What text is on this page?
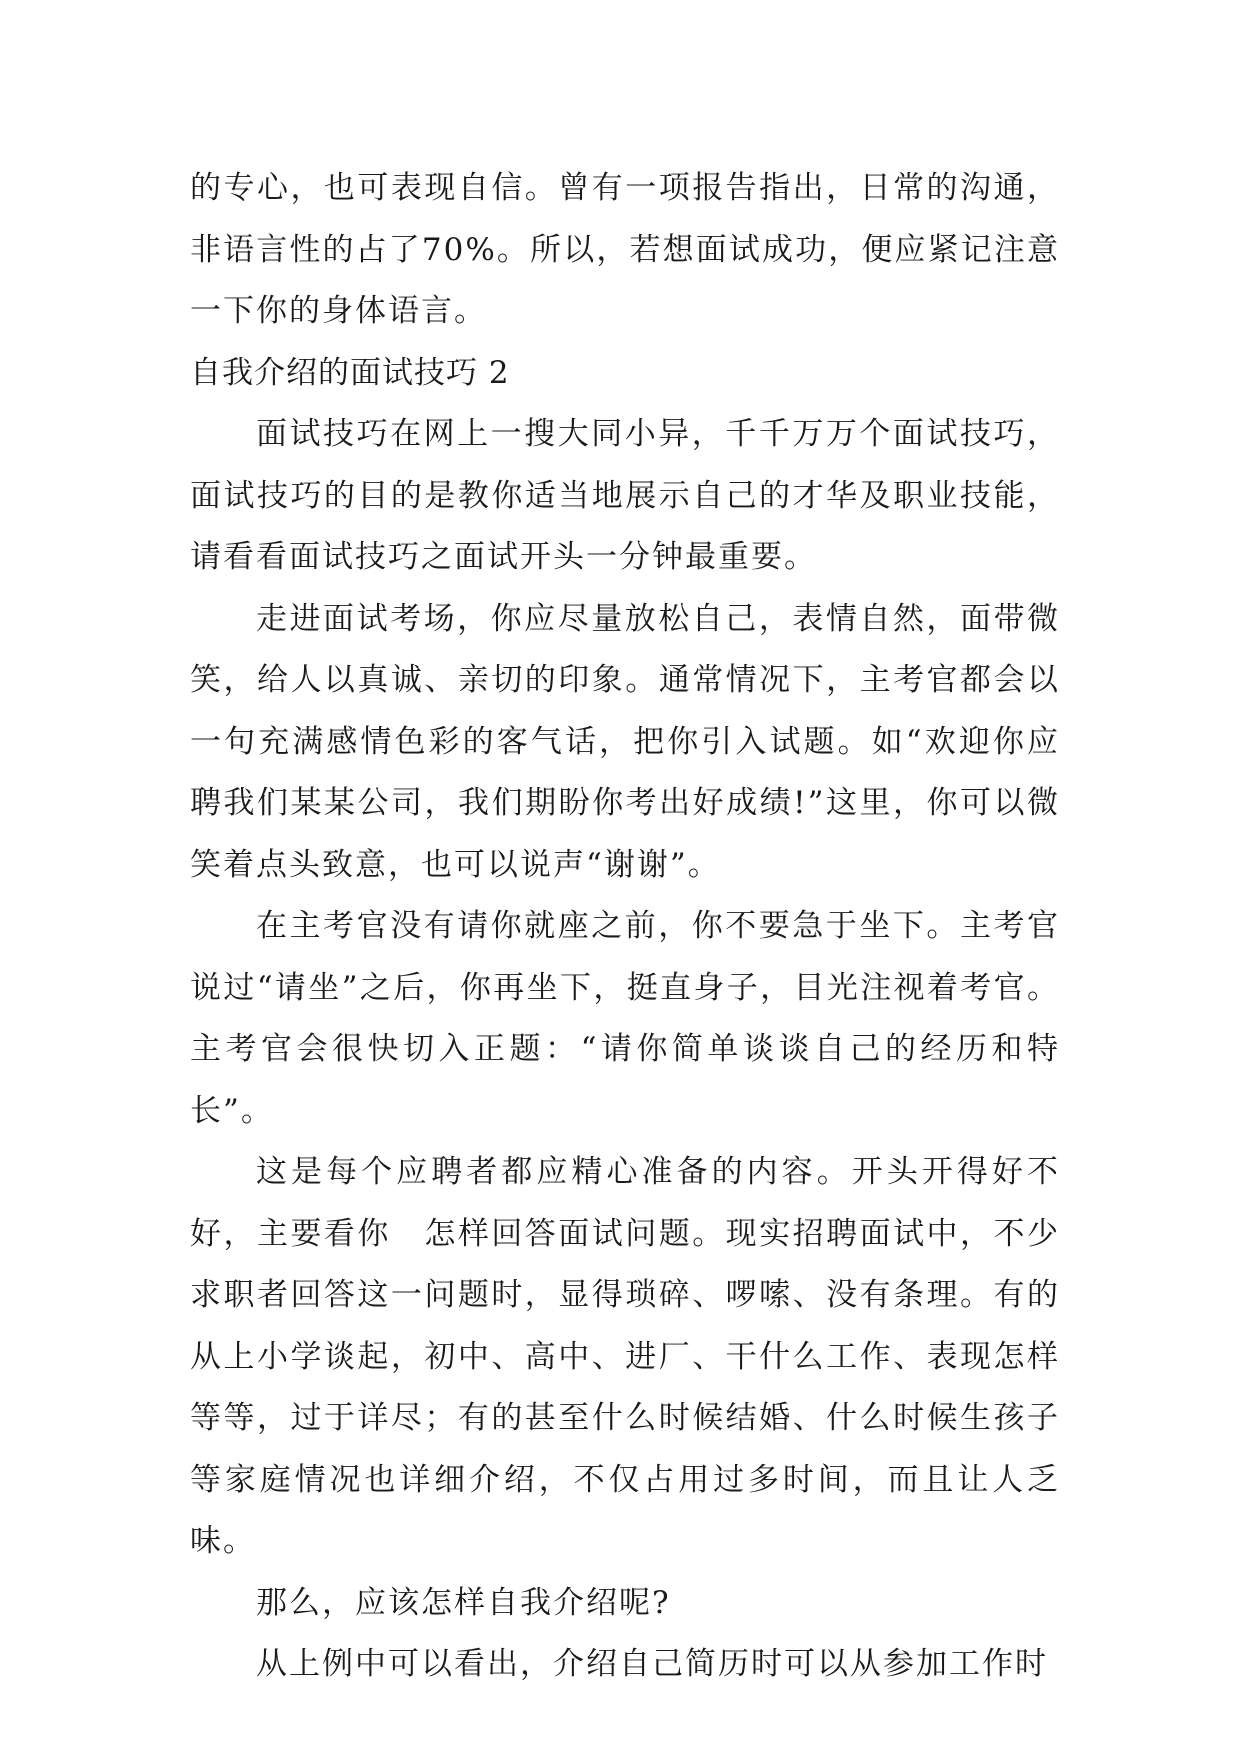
的专心，也可表现自信。曾有一项报告指出，日常的沟通，非语言性的占了70%。所以，若想面试成功，便应紧记注意一下你的身体语言。

自我介绍的面试技巧 2

面试技巧在网上一搜大同小异，千千万万个面试技巧，面试技巧的目的是教你适当地展示自己的才华及职业技能，请看看面试技巧之面试开头一分钟最重要。

走进面试考场，你应尽量放松自己，表情自然，面带微笑，给人以真诚、亲切的印象。通常情况下，主考官都会以一句充满感情色彩的客气话，把你引入试题。如“欢迎你应聘我们某某公司，我们期盼你考出好成绩!”这里，你可以微笑着点头致意，也可以说声“谢谢”。

在主考官没有请你就座之前，你不要急于坐下。主考官说过“请坐”之后，你再坐下，挺直身子，目光注视着考官。主考官会很快切入正题：“请你简单谈谈自己的经历和特长”。

这是每个应聘者都应精心准备的内容。开头开得好不好，主要看你　怎样回答面试问题。现实招聘面试中，不少求职者回答这一问题时，显得琐碎、啰嗦、没有条理。有的从上小学谈起，初中、高中、进厂、干什么工作、表现怎样等等，过于详尽；有的甚至什么时候结婚、什么时候生孩子等家庭情况也详细介绍，不仅占用过多时间，而且让人乏味。

那么，应该怎样自我介绍呢?

从上例中可以看出，介绍自己简历时可以从参加工作时
